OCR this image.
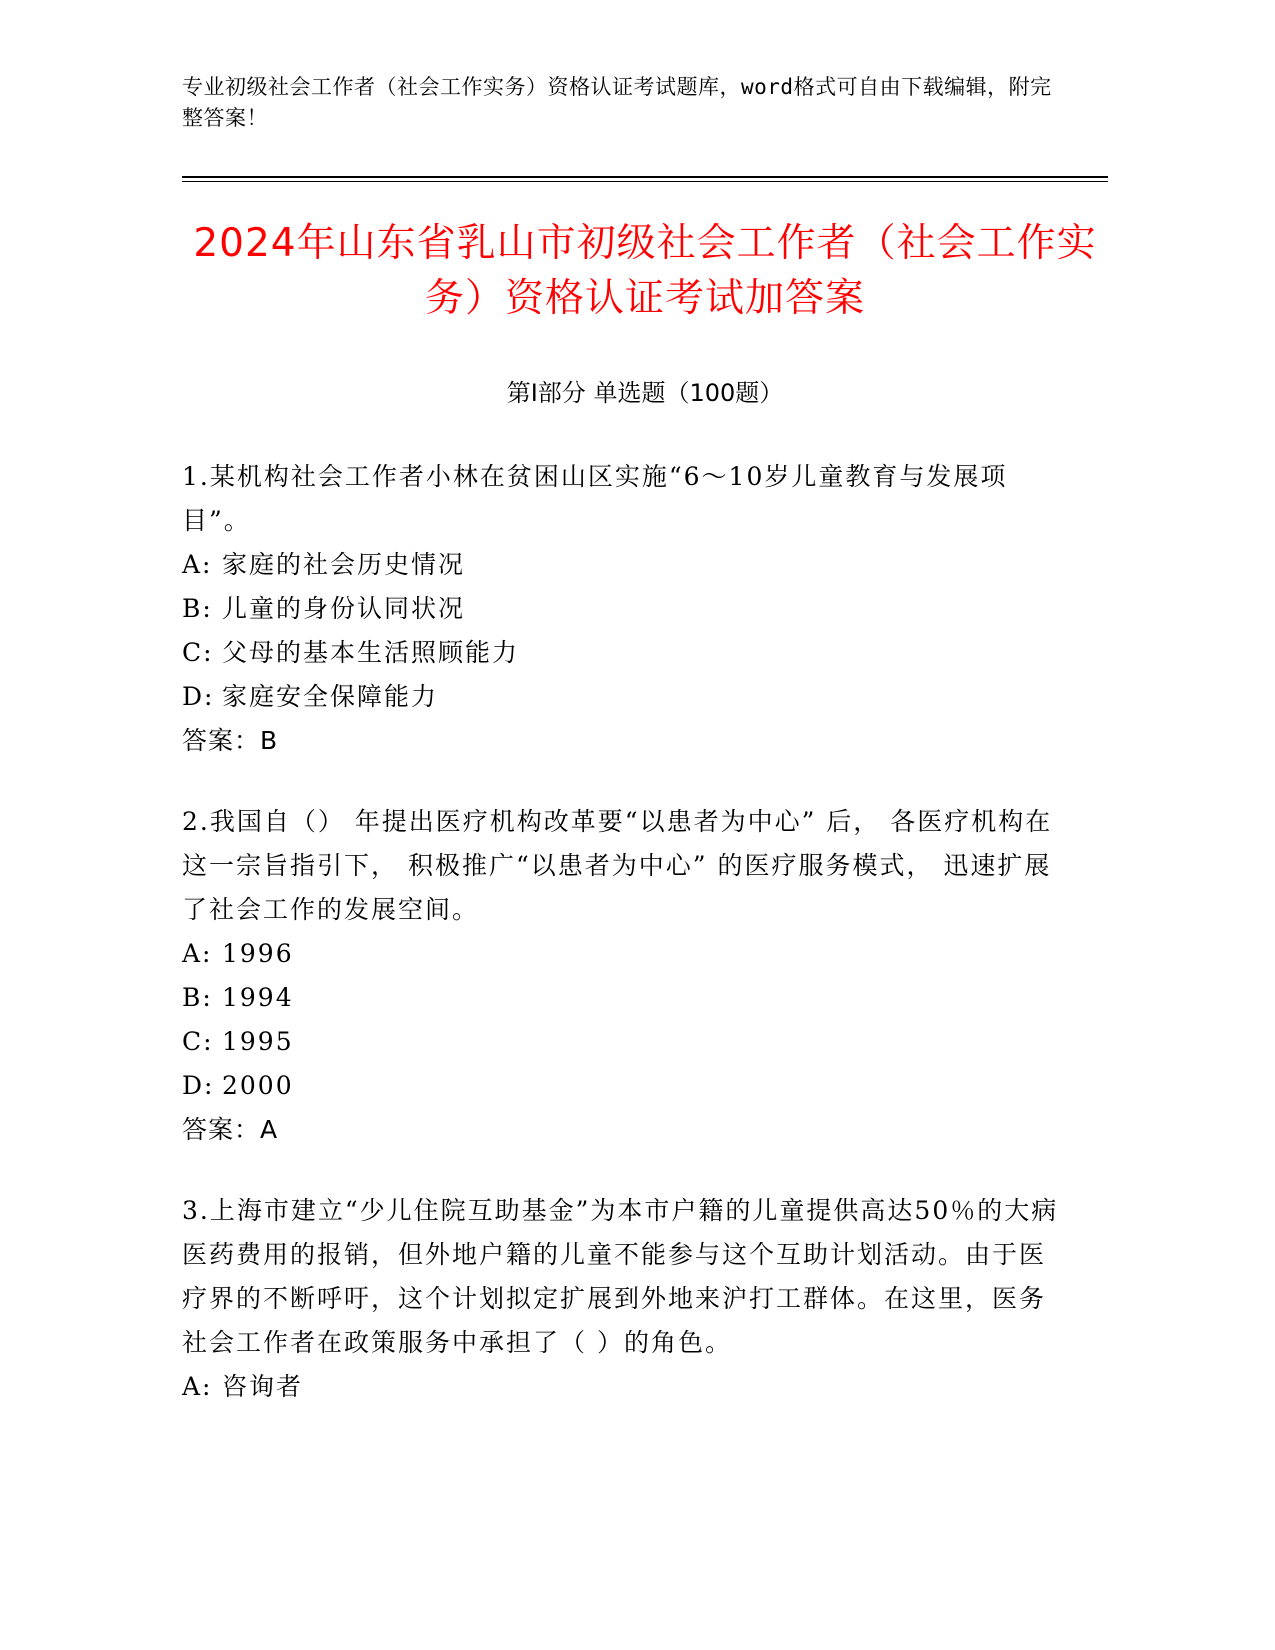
专业初级社会工作者（社会工作实务）资格认证考试题库，word格式可自由下载编辑，附完整答案！
2024年山东省乳山市初级社会工作者（社会工作实务）资格认证考试加答案
第Ⅰ部分 单选题（100题）

1.某机构社会工作者小林在贫困山区实施“6～10岁儿童教育与发展项目”。

A: 家庭的社会历史情况

B: 儿童的身份认同状况

C: 父母的基本生活照顾能力

D: 家庭安全保障能力

答案：B

2.我国自（） 年提出医疗机构改革要“以患者为中心” 后， 各医疗机构在这一宗旨指引下， 积极推广“以患者为中心” 的医疗服务模式， 迅速扩展了社会工作的发展空间。

A: 1996

B: 1994

C: 1995

D: 2000

答案：A

3.上海市建立“少儿住院互助基金”为本市户籍的儿童提供高达50％的大病医药费用的报销，但外地户籍的儿童不能参与这个互助计划活动。由于医疗界的不断呼吁，这个计划拟定扩展到外地来沪打工群体。在这里，医务社会工作者在政策服务中承担了（ ）的角色。

A: 咨询者
